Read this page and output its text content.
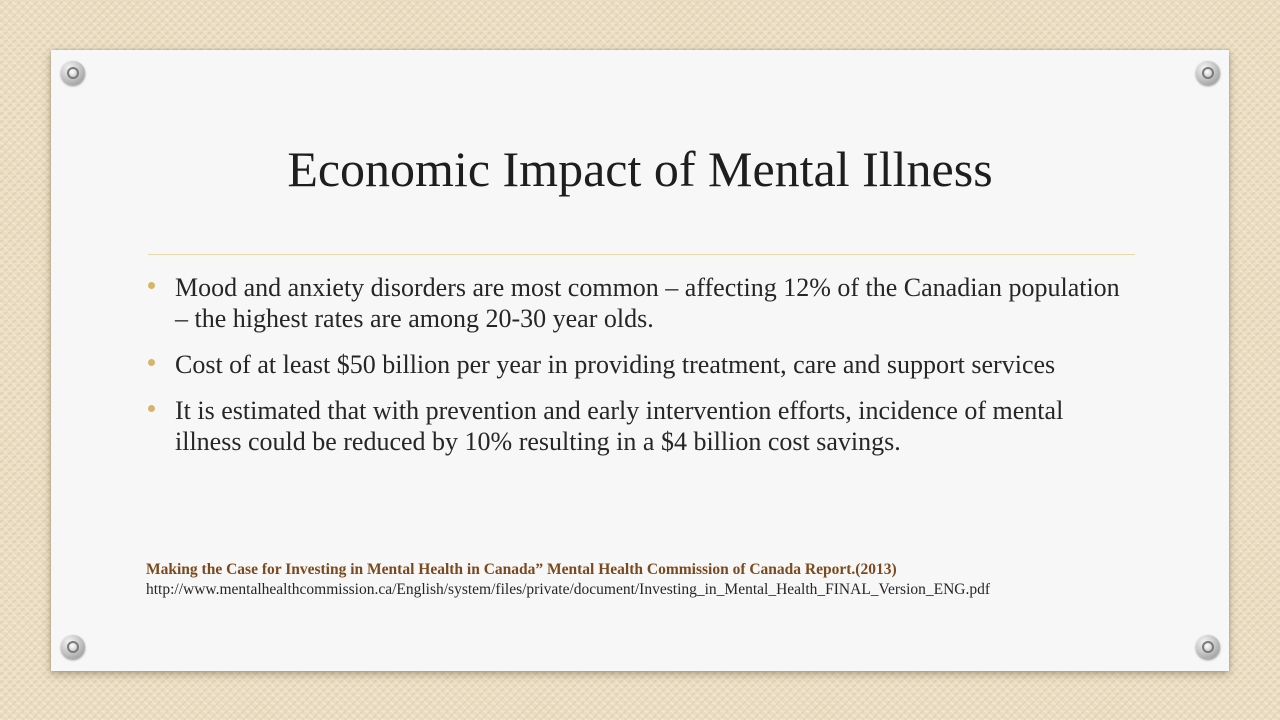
Economic Impact of Mental Illness
Mood and anxiety disorders are most common – affecting 12% of the Canadian population – the highest rates are among 20-30 year olds.
Cost of at least $50 billion per year in providing treatment, care and support services
It is estimated that with prevention and early intervention efforts, incidence of mental illness could be reduced by 10% resulting in a $4 billion cost savings.
Making the Case for Investing in Mental Health in Canada” Mental Health Commission of Canada Report.(2013)
http://www.mentalhealthcommission.ca/English/system/files/private/document/Investing_in_Mental_Health_FINAL_Version_ENG.pdf
